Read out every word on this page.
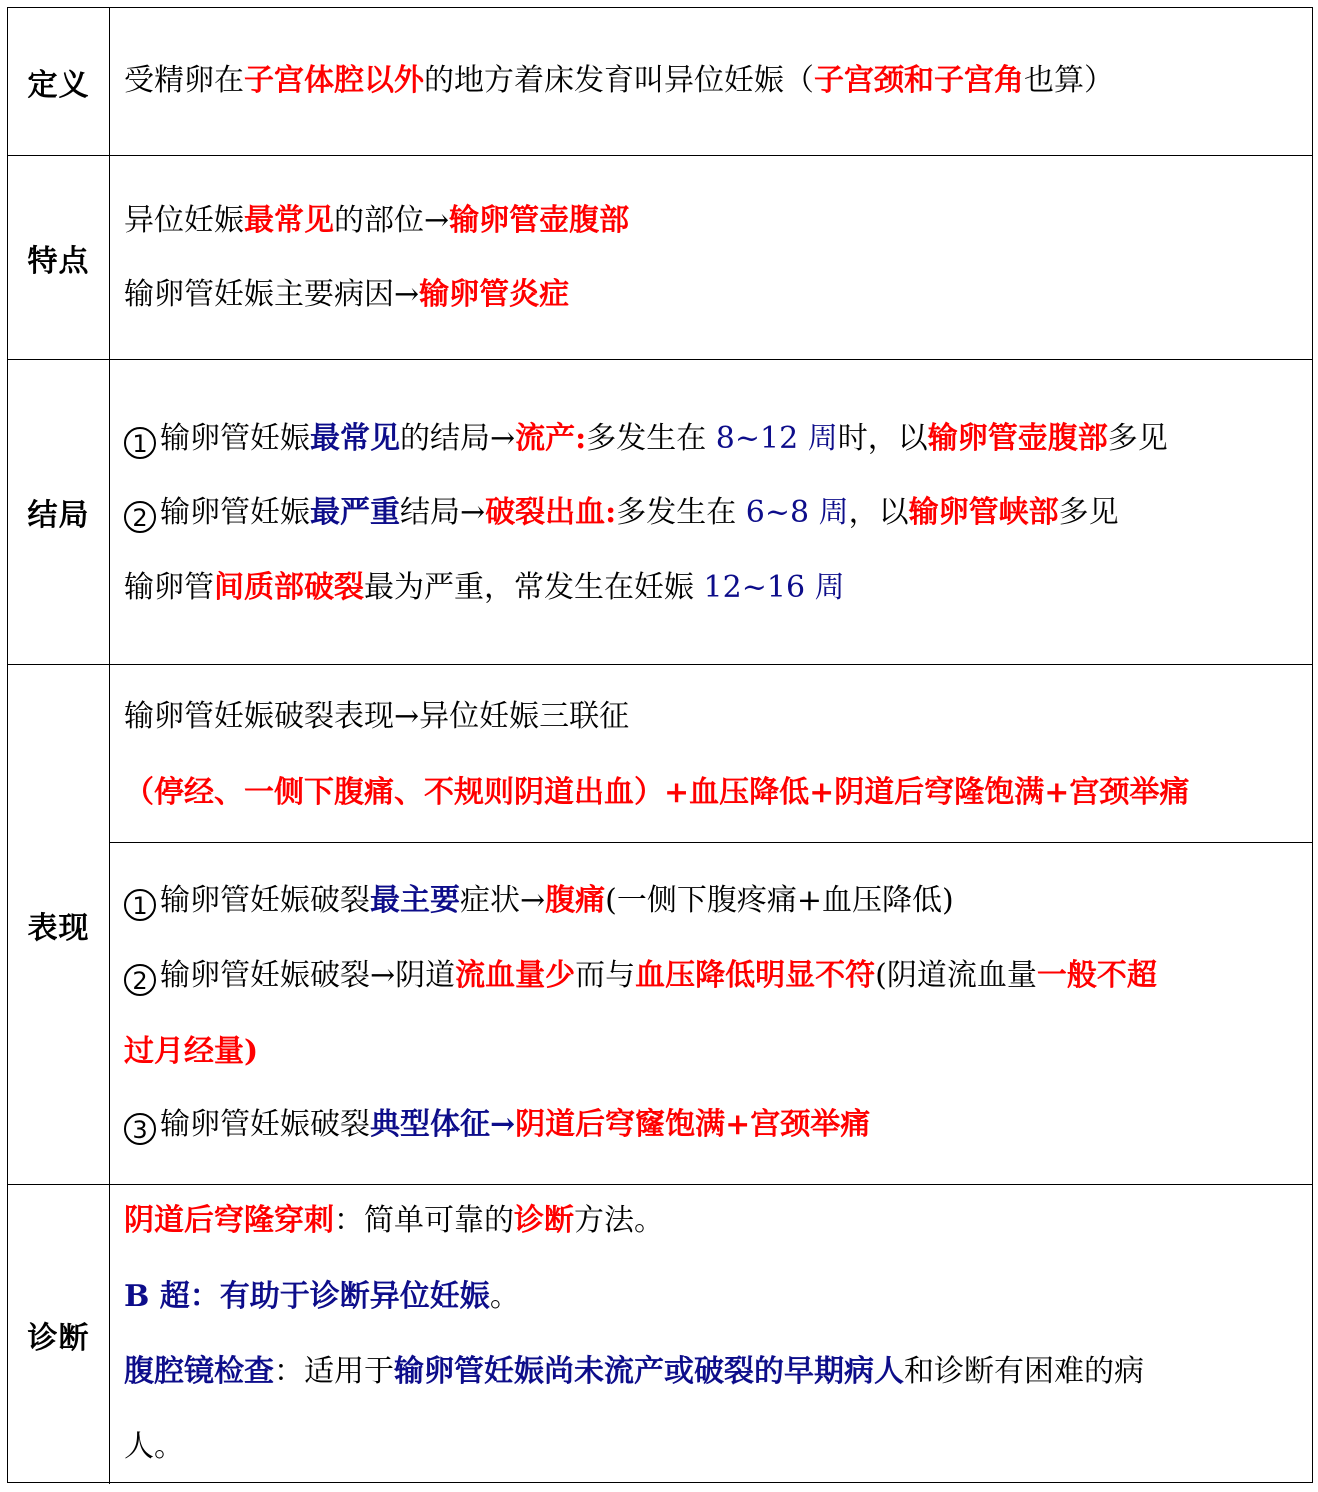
定义	受精卵在子宫体腔以外的地方着床发育叫异位妊娠（子宫颈和子宫角也算）
特点
异位妊娠最常见的部位→输卵管壶腹部
输卵管妊娠主要病因→输卵管炎症
结局
1 输卵管妊娠最常见的结局→流产:多发生在 8~12 周时，以输卵管壶腹部多见
2 输卵管妊娠最严重结局→破裂出血:多发生在 6~8 周，以输卵管峡部多见
输卵管间质部破裂最为严重，常发生在妊娠 12~16 周
表现
输卵管妊娠破裂表现→异位妊娠三联征
（停经、一侧下腹痛、不规则阴道出血）+血压降低+阴道后穹隆饱满+宫颈举痛
1 输卵管妊娠破裂最主要症状→腹痛(一侧下腹疼痛+血压降低)
2 输卵管妊娠破裂→阴道流血量少而与血压降低明显不符(阴道流血量一般不超
过月经量)
3 输卵管妊娠破裂典型体征→阴道后穹窿饱满+宫颈举痛
诊断
阴道后穹隆穿刺：简单可靠的诊断方法。
B 超：有助于诊断异位妊娠。
腹腔镜检查：适用于输卵管妊娠尚未流产或破裂的早期病人和诊断有困难的病
人。
